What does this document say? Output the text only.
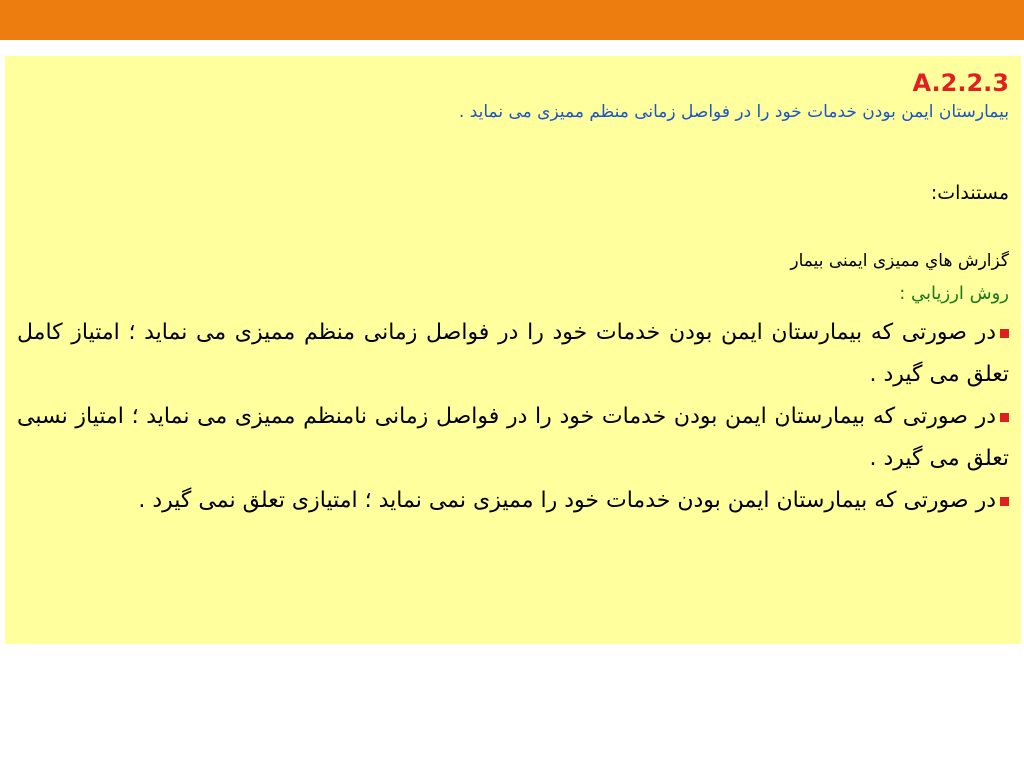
A.2.2.3
بیمارستان ایمن بودن خدمات خود را در فواصل زمانی منظم ممیزی می نماید .
مستندات:
گزارش هاي مميزی ايمنی بيمار
روش ارزيابي :
در صورتی که بیمارستان ایمن بودن خدمات خود را در فواصل زمانی منظم ممیزی می نماید ؛ امتیاز کامل تعلق می گیرد .
در صورتی که بیمارستان ایمن بودن خدمات خود را در فواصل زمانی نامنظم ممیزی می نماید ؛ امتیاز نسبی تعلق می گیرد .
در صورتی که بیمارستان ایمن بودن خدمات خود را ممیزی نمی نماید ؛ امتیازی تعلق نمی گیرد .
